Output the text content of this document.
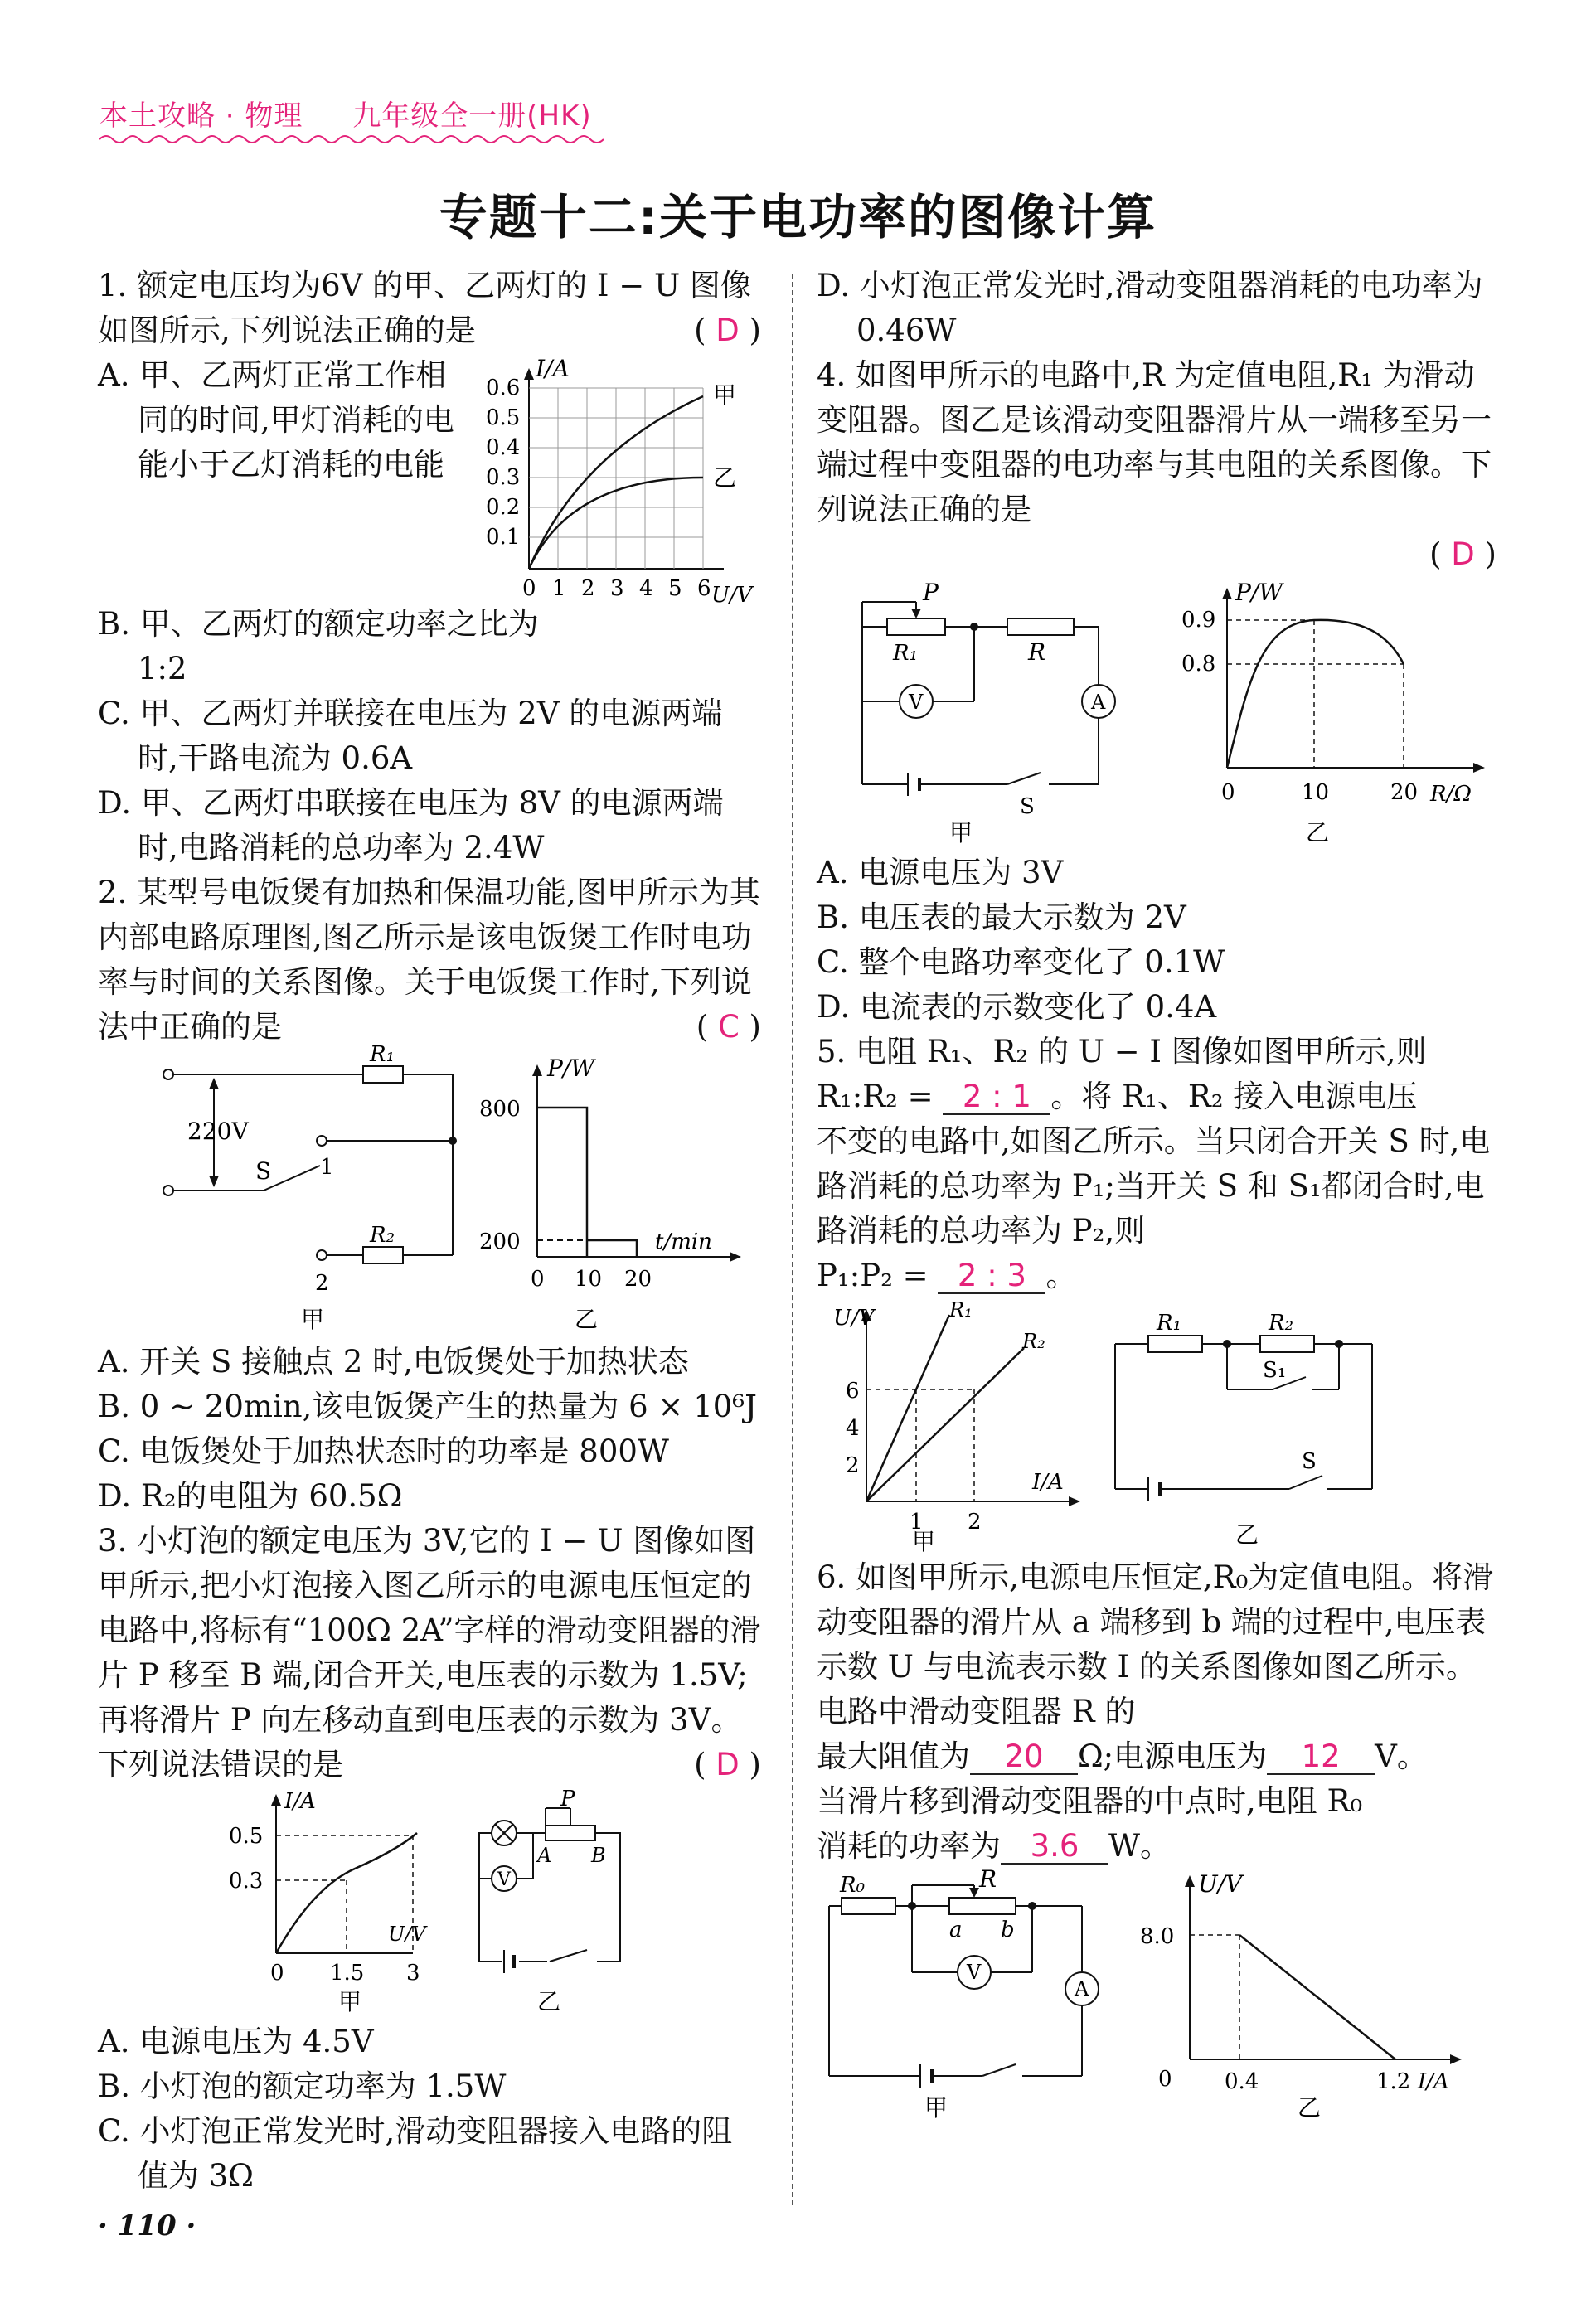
本土攻略 · 物理 九年级全一册(HK)
专题十二:关于电功率的图像计算

1. 额定电压均为6V 的甲、乙两灯的 I − U 图像如图所示,下列说法正确的是	( D )

A. 甲、乙两灯正常工作相同的时间,甲灯消耗的电能小于乙灯消耗的电能

I/A
0.6
0.5
0.4
0.3
0.2
0.1
0 1 2 3 4 5 6 U/V
甲
乙

B. 甲、乙两灯的额定功率之比为 1:2

C. 甲、乙两灯并联接在电压为 2V 的电源两端时,干路电流为 0.6A

D. 甲、乙两灯串联接在电压为 8V 的电源两端时,电路消耗的总功率为 2.4W

2. 某型号电饭煲有加热和保温功能,图甲所示为其内部电路原理图,图乙所示是该电饭煲工作时电功率与时间的关系图像。关于电饭煲工作时,下列说法中正确的是	( C )

220V
R₁
R₂
S 1
2
甲
P/W
800
200
0 10 20
t/min
乙

A. 开关 S 接触点 2 时,电饭煲处于加热状态

B. 0 ~ 20min,该电饭煲产生的热量为 6 × 10⁶J

C. 电饭煲处于加热状态时的功率是 800W

D. R₂的电阻为 60.5Ω

3. 小灯泡的额定电压为 3V,它的 I − U 图像如图甲所示,把小灯泡接入图乙所示的电源电压恒定的电路中,将标有“100Ω 2A”字样的滑动变阻器的滑片 P 移至 B 端,闭合开关,电压表的示数为 1.5V;再将滑片 P 向左移动直到电压表的示数为 3V。下列说法错误的是	( D )

I/A
0.5
0.3
0 1.5 3
U/V
甲
P
V
A B
乙

A. 电源电压为 4.5V

B. 小灯泡的额定功率为 1.5W

C. 小灯泡正常发光时,滑动变阻器接入电路的阻值为 3Ω

D. 小灯泡正常发光时,滑动变阻器消耗的电功率为 0.46W

4. 如图甲所示的电路中,R 为定值电阻,R₁ 为滑动变阻器。图乙是该滑动变阻器滑片从一端移至另一端过程中变阻器的电功率与其电阻的关系图像。下列说法正确的是

( D )

P
R₁	R
V	A
S
甲
P/W
0.9
0.8
0	10	20 R/Ω
乙

A. 电源电压为 3V

B. 电压表的最大示数为 2V

C. 整个电路功率变化了 0.1W

D. 电流表的示数变化了 0.4A

5. 电阻 R₁、R₂ 的 U − I 图像如图甲所示,则

R₁:R₂ = 2 : 1 。将 R₁、R₂ 接入电源电压

不变的电路中,如图乙所示。当只闭合开关 S 时,电路消耗的总功率为 P₁;当开关 S 和 S₁都闭合时,电路消耗的总功率为 P₂,则

P₁:P₂ = 2 : 3 。

U/V
6
4
2
1 2
I/A
R₁
R₂
甲
R₁	R₂
S₁
S
乙

6. 如图甲所示,电源电压恒定,R₀为定值电阻。将滑动变阻器的滑片从 a 端移到 b 端的过程中,电压表示数 U 与电流表示数 I 的关系图像如图乙所示。电路中滑动变阻器 R 的

最大阻值为 20 Ω;电源电压为 12 V。

当滑片移到滑动变阻器的中点时,电阻 R₀

消耗的功率为 3.6 W。

R₀	R
a b
V
A
甲
U/V
8.0
0 0.4	1.2 I/A
乙
· 110 ·
